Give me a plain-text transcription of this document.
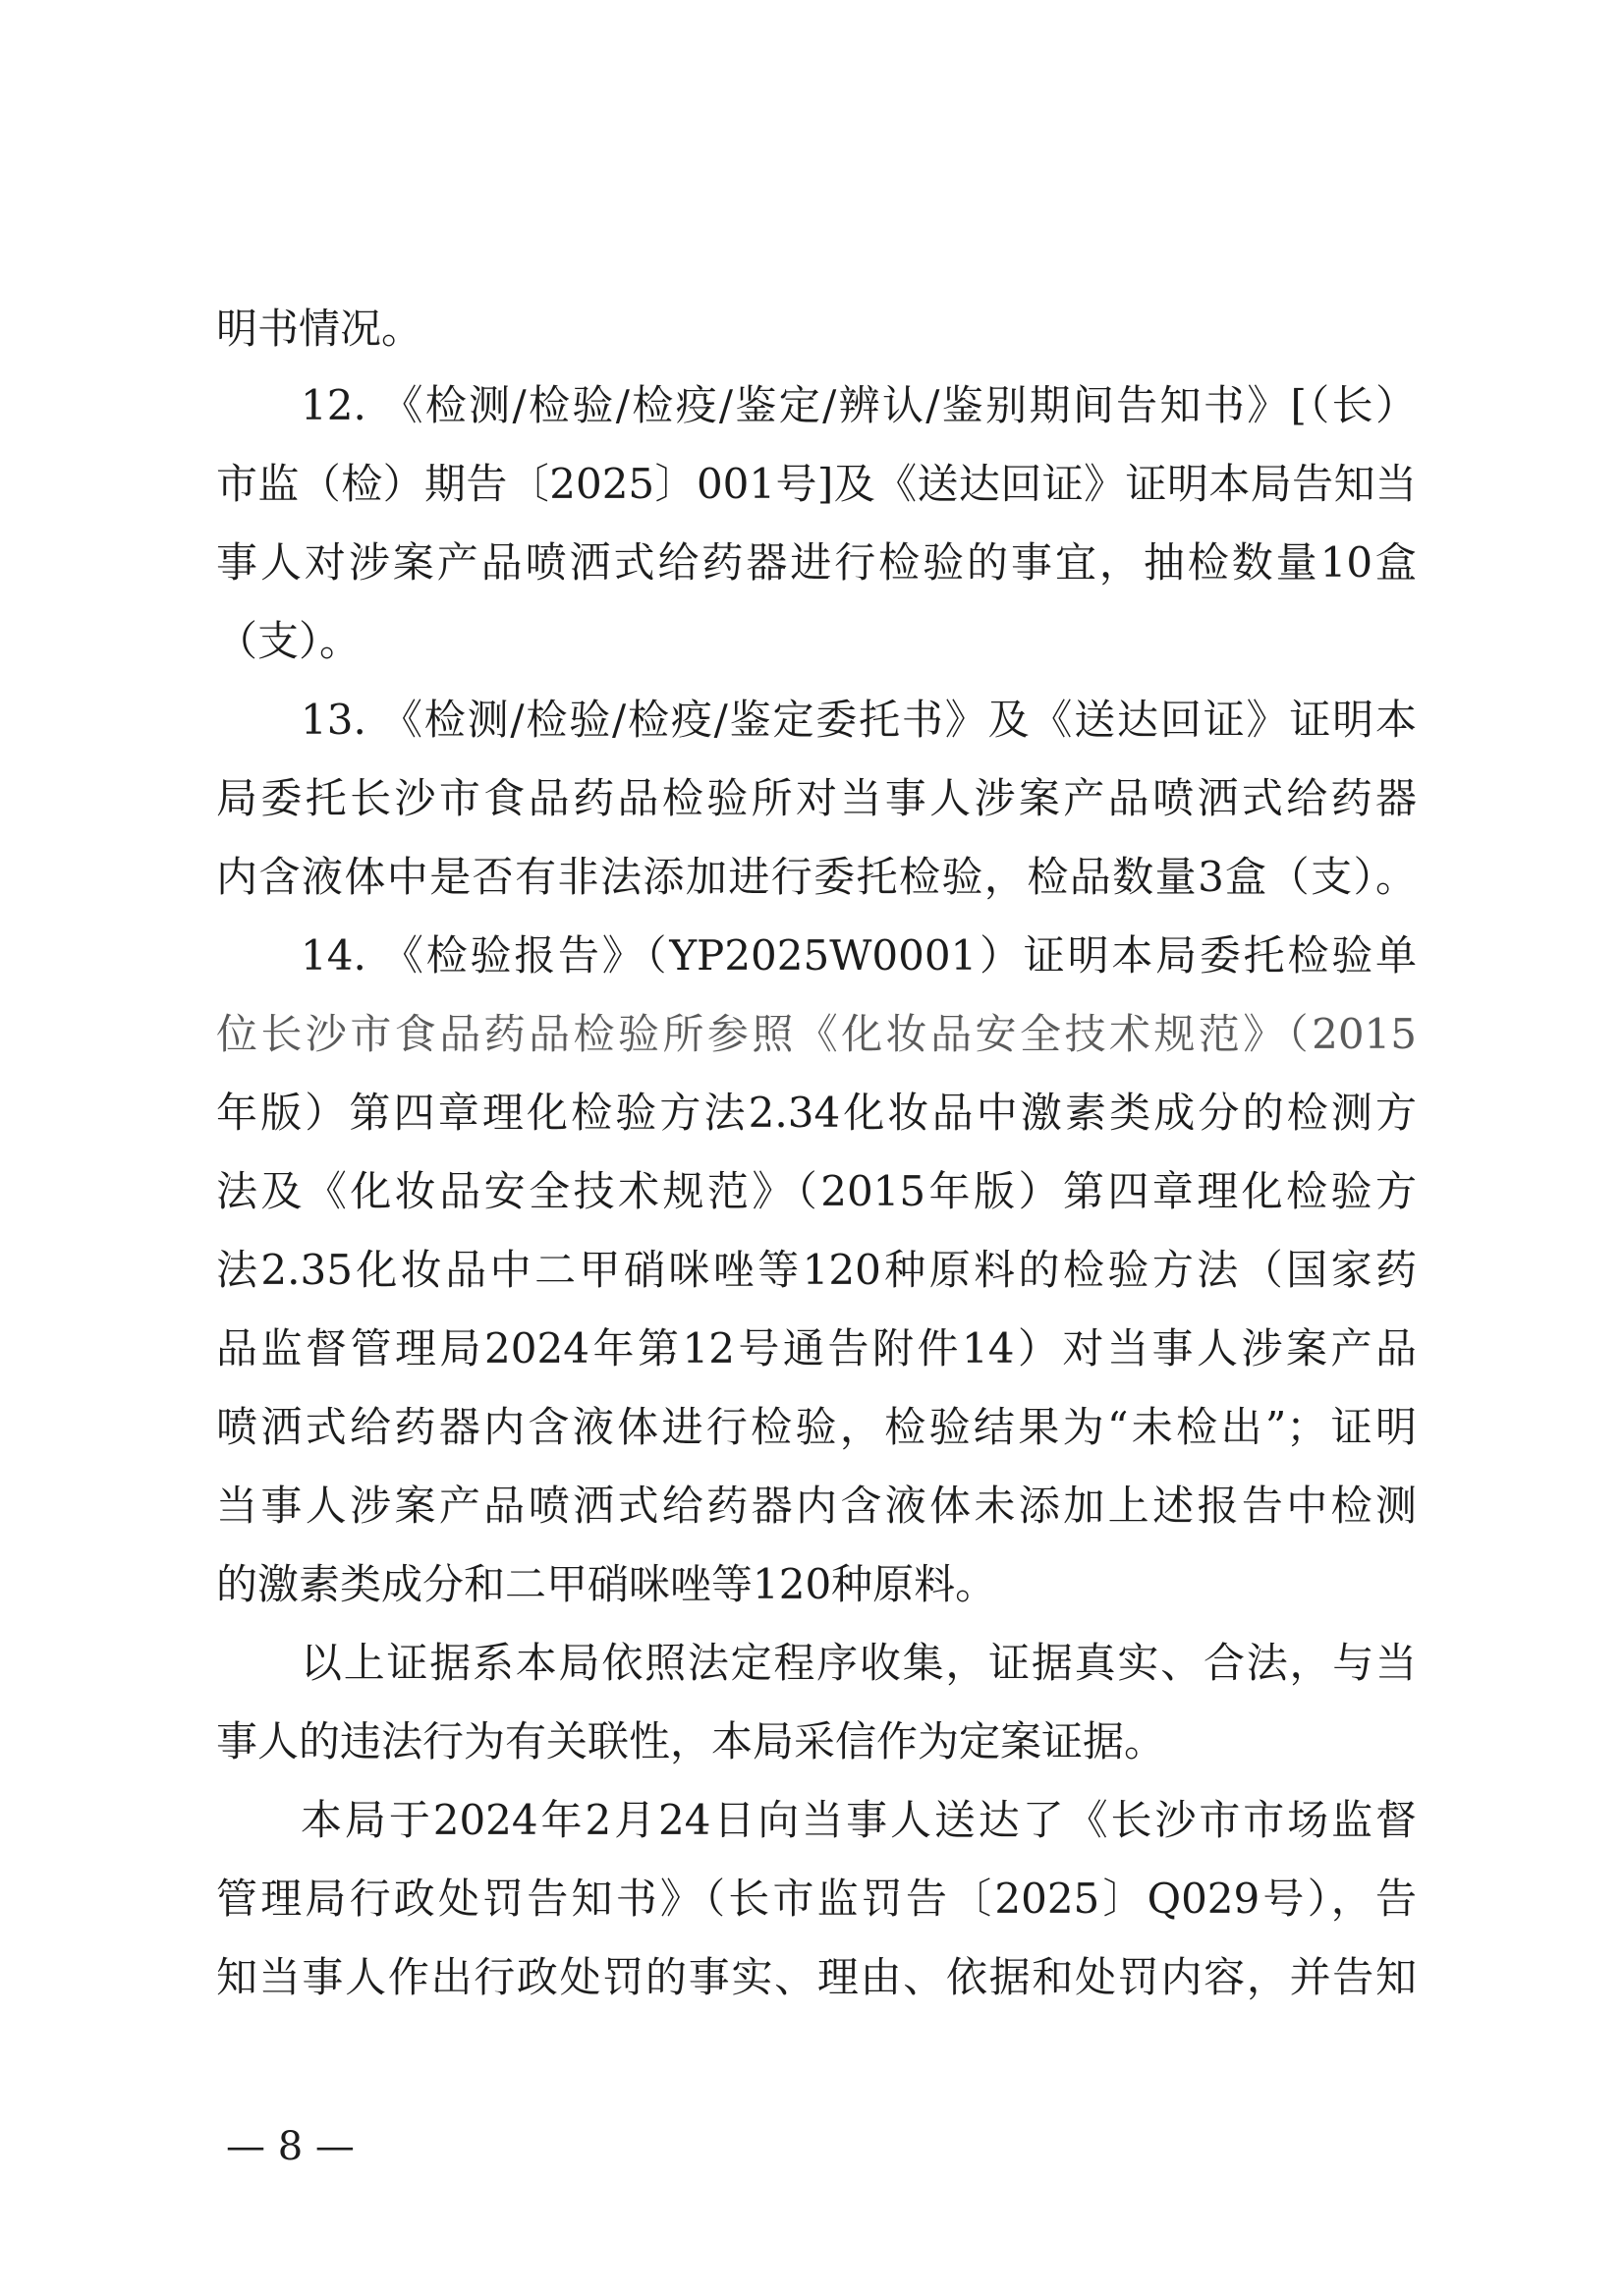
明书情况。
12. 《检测/检验/检疫/鉴定/辨认/鉴别期间告知书》[（长）
市监（检）期告〔2025〕001号]及《送达回证》证明本局告知当
事人对涉案产品喷洒式给药器进行检验的事宜，抽检数量10盒
（支）。
13. 《检测/检验/检疫/鉴定委托书》及《送达回证》证明本
局委托长沙市食品药品检验所对当事人涉案产品喷洒式给药器
内含液体中是否有非法添加进行委托检验，检品数量3盒（支）。
14. 《检验报告》（YP2025W0001）证明本局委托检验单
位长沙市食品药品检验所参照《化妆品安全技术规范》（2015
年版）第四章理化检验方法2.34化妆品中激素类成分的检测方
法及《化妆品安全技术规范》（2015年版）第四章理化检验方
法2.35化妆品中二甲硝咪唑等120种原料的检验方法（国家药
品监督管理局2024年第12号通告附件14）对当事人涉案产品
喷洒式给药器内含液体进行检验，检验结果为“未检出”；证明
当事人涉案产品喷洒式给药器内含液体未添加上述报告中检测
的激素类成分和二甲硝咪唑等120种原料。
以上证据系本局依照法定程序收集，证据真实、合法，与当
事人的违法行为有关联性，本局采信作为定案证据。
本局于2024年2月24日向当事人送达了《长沙市市场监督
管理局行政处罚告知书》（长市监罚告〔2025〕Q029号），告
知当事人作出行政处罚的事实、理由、依据和处罚内容，并告知
— 8 —
